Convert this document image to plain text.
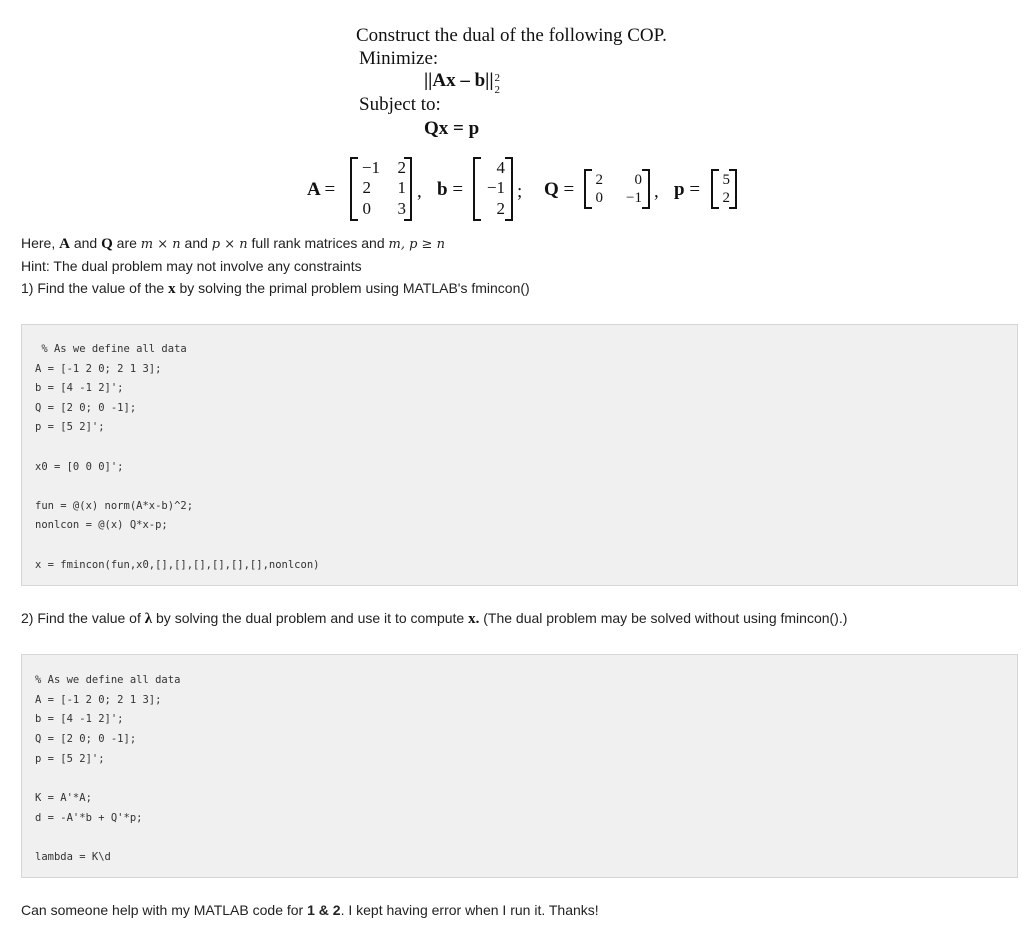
Construct the dual of the following COP.
Minimize:
||Ax – b|| 2
2
Subject to:
Qx = p
A =
−1	2
2	1
0	3
, b =
4
−1
2
; Q =	2	0
0	−1 , p =	5
2
Here, A and Q are m × n and p × n full rank matrices and m, p ≥ n
Hint: The dual problem may not involve any constraints
1) Find the value of the x by solving the primal problem using MATLAB's fmincon()
% As we define all data
A = [-1 2 0; 2 1 3];
b = [4 -1 2]';
Q = [2 0; 0 -1];
p = [5 2]';
x0 = [0 0 0]';
fun = @(x) norm(A*x-b)^2;
nonlcon = @(x) Q*x-p;
x = fmincon(fun,x0,[],[],[],[],[],[],nonlcon)
2) Find the value of λ by solving the dual problem and use it to compute x. (The dual problem may be solved without using fmincon().)
% As we define all data
A = [-1 2 0; 2 1 3];
b = [4 -1 2]';
Q = [2 0; 0 -1];
p = [5 2]';
K = A'*A;
d = -A'*b + Q'*p;
lambda = K\d
Can someone help with my MATLAB code for 1 & 2. I kept having error when I run it. Thanks!
